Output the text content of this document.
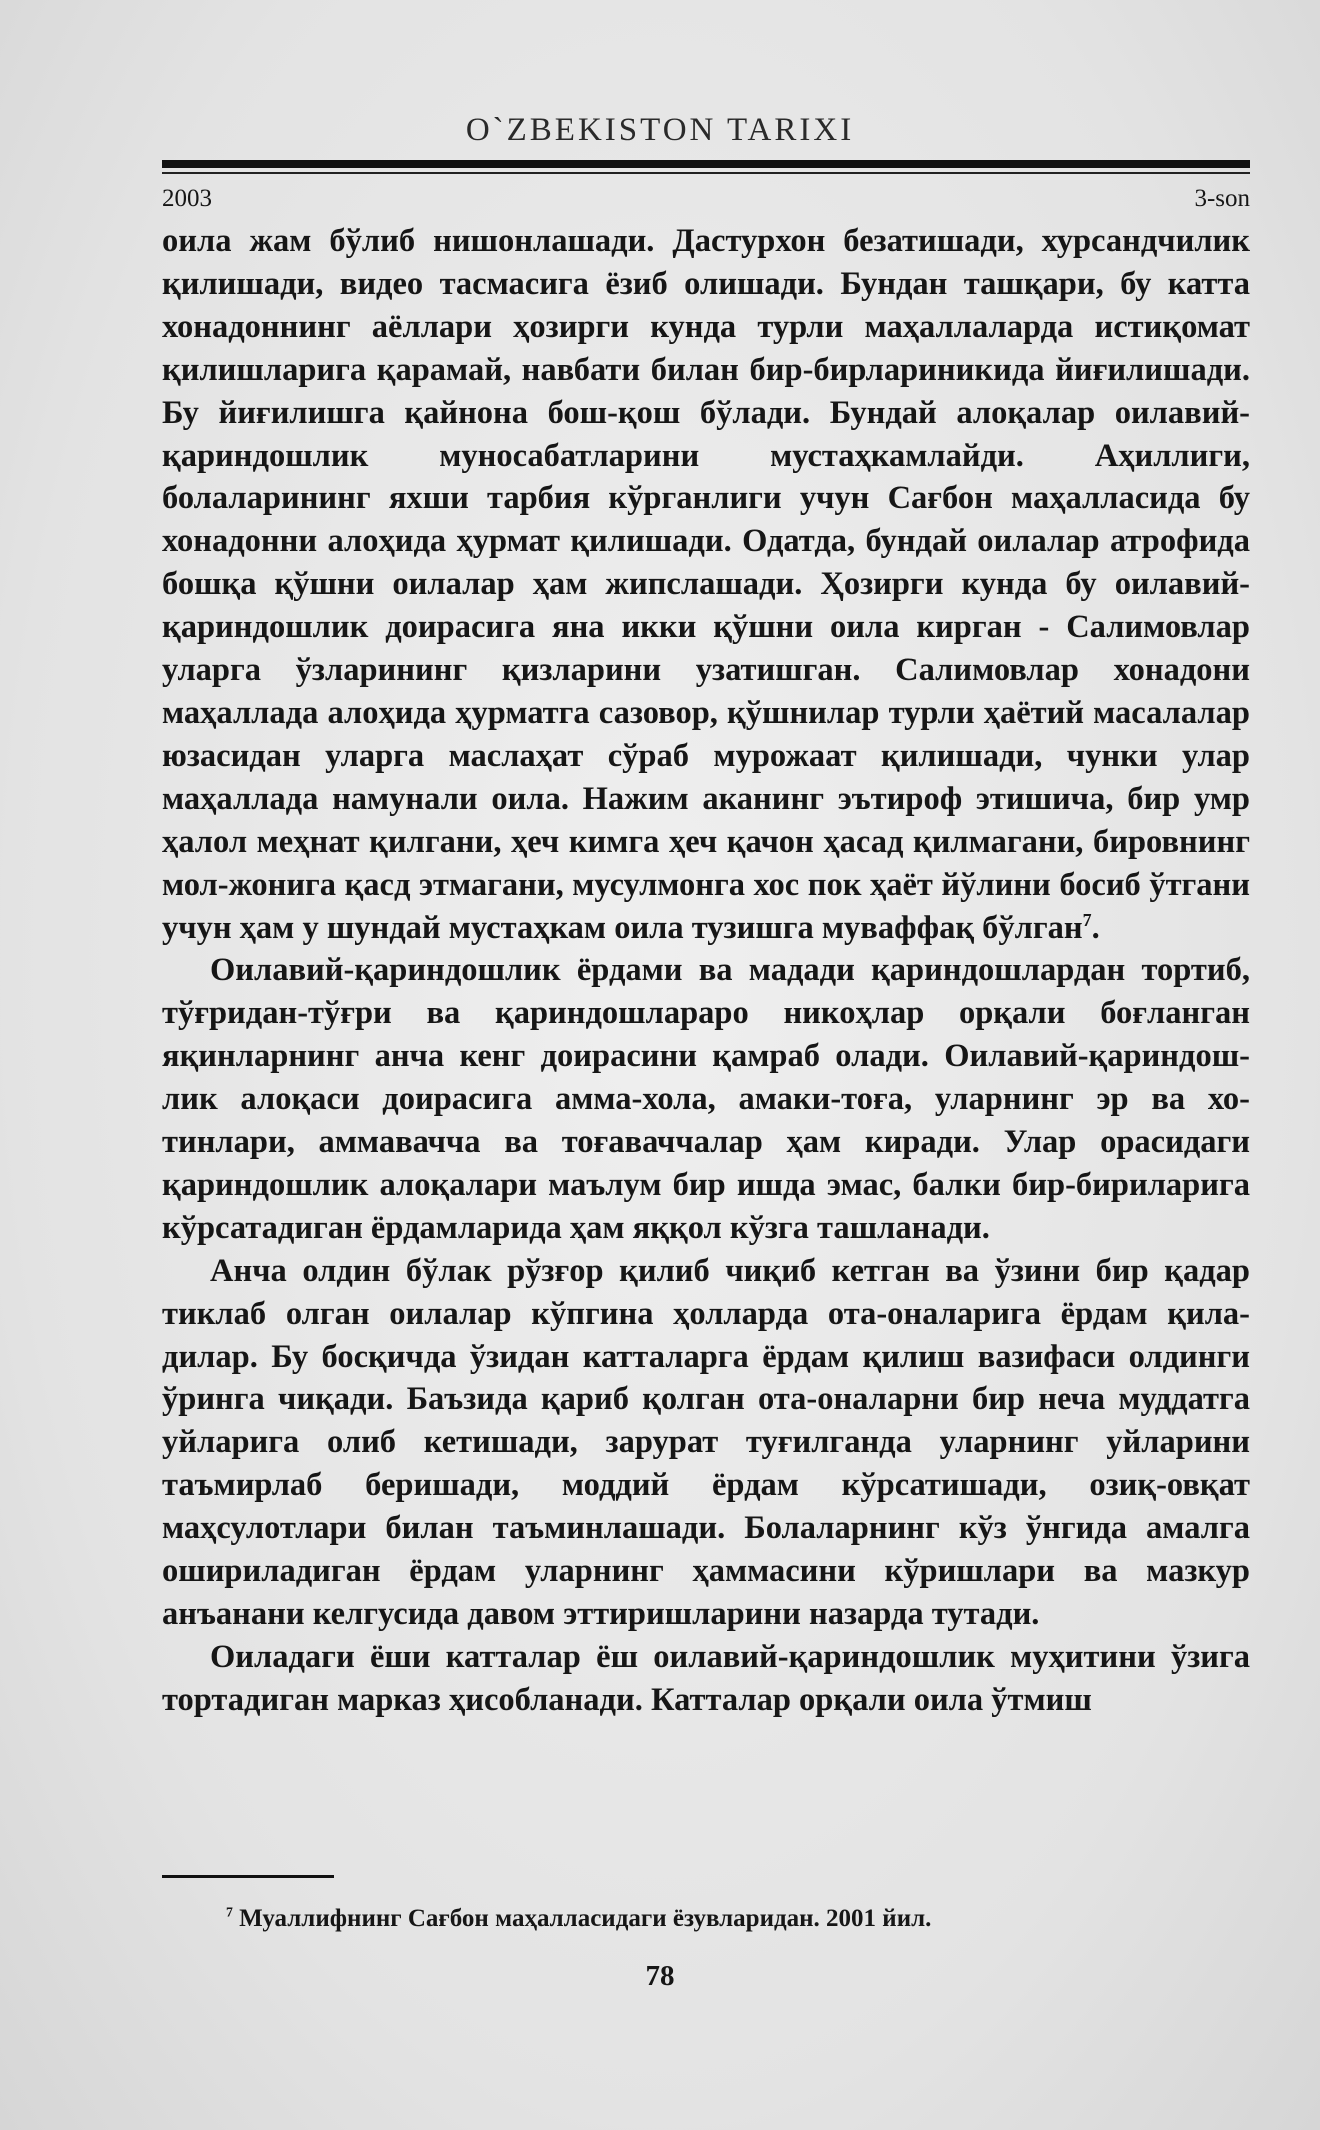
O`ZBEKISTON TARIXI
2003	3-son

оила жам бўлиб нишонлашади. Дастурхон безатишади, хурсандчилик қилишади, видео тасмасига ёзиб олишади. Бундан ташқари, бу катта хонадоннинг аёллари ҳозирги кунда турли маҳаллаларда истиқомат қилишларига қарамай, навбати билан бир-бирлариникида йиғилишади. Бу йиғилишга қайнона бош-қош бўлади. Бундай алоқалар оилавий-қариндошлик муносабатларини мустаҳкамлайди. Аҳиллиги, болаларининг яхши тарбия кўрганлиги учун Сағбон маҳалласида бу хонадонни алоҳида ҳурмат қилишади. Одатда, бундай оилалар атрофида бошқа қўшни оилалар ҳам жипслашади. Ҳозирги кунда бу оилавий-қариндошлик доирасига яна икки қўшни оила кирган - Салимовлар уларга ўзларининг қизларини узатишган. Салимовлар хонадони маҳаллада алоҳида ҳурматга сазовор, қўшнилар турли ҳаётий масалалар юзасидан уларга маслаҳат сўраб мурожаат қилишади, чунки улар маҳаллада намунали оила. Нажим аканинг эътироф этишича, бир умр ҳалол меҳнат қилгани, ҳеч кимга ҳеч қачон ҳасад қилмагани, бировнинг мол-жонига қасд этмагани, мусулмонга хос пок ҳаёт йўлини босиб ўтгани учун ҳам у шундай мустаҳкам оила тузишга муваффақ бўлган$^7$.

Оилавий-қариндошлик ёрдами ва мадади қариндошлардан тортиб, тўғридан-тўғри ва қариндошлараро никоҳлар орқали боғланган яқинларнинг анча кенг доирасини қамраб олади. Оилавий-қариндошлик алоқаси доирасига амма-хола, амаки-тоға, уларнинг эр ва хотинлари, аммавачча ва тоғаваччалар ҳам киради. Улар орасидаги қариндошлик алоқалари маълум бир ишда эмас, балки бир-бириларига кўрсатадиган ёрдамларида ҳам яққол кўзга ташланади.

Анча олдин бўлак рўзғор қилиб чиқиб кетган ва ўзини бир қадар тиклаб олган оилалар кўпгина ҳолларда ота-оналарига ёрдам қиладилар. Бу босқичда ўзидан катталарга ёрдам қилиш вазифаси олдинги ўринга чиқади. Баъзида қариб қолган ота-оналарни бир неча муддатга уйларига олиб кетишади, зарурат туғилганда уларнинг уйларини таъмирлаб беришади, моддий ёрдам кўрсатишади, озиқ-овқат маҳсулотлари билан таъминлашади. Болаларнинг кўз ўнгида амалга ошириладиган ёрдам уларнинг ҳаммасини кўришлари ва мазкур анъанани келгусида давом эттиришларини назарда тутади.

Оиладаги ёши катталар ёш оилавий-қариндошлик муҳитини ўзига тортадиган марказ ҳисобланади. Катталар орқали оила ўтмиш

$^7$ Муаллифнинг Сағбон маҳалласидаги ёзувларидан. 2001 йил.
78
